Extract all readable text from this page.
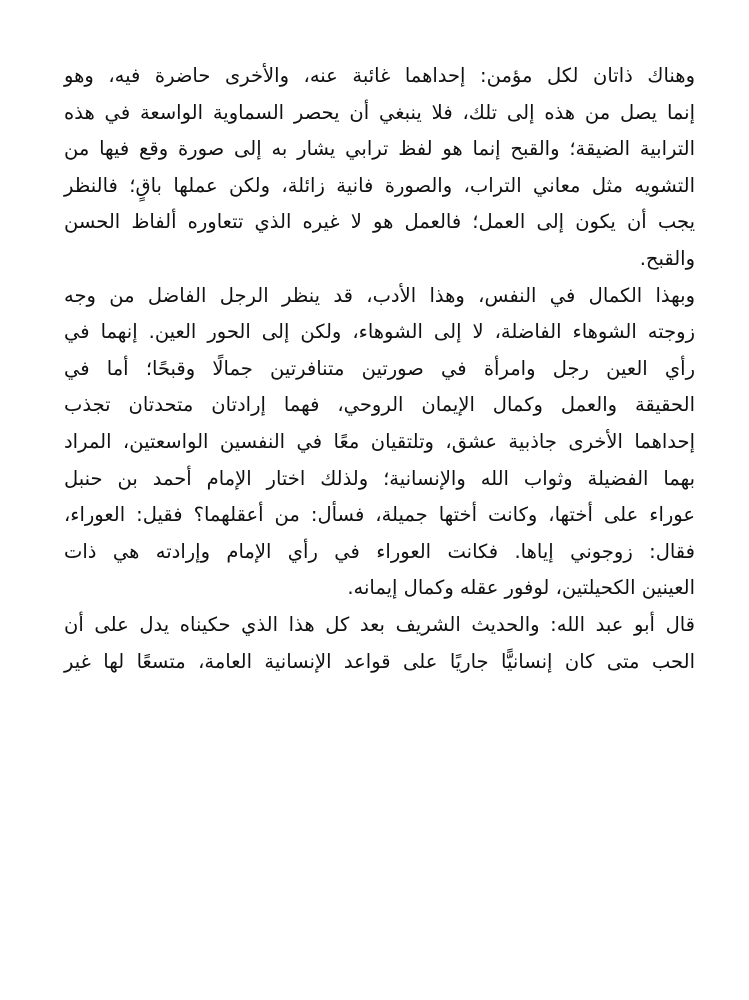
وهناك ذاتان لكل مؤمن: إحداهما غائبة عنه، والأخرى حاضرة فيه، وهو
إنما يصل من هذه إلى تلك، فلا ينبغي أن يحصر السماوية الواسعة في هذه
الترابية الضيقة؛ والقبح إنما هو لفظ ترابي يشار به إلى صورة وقع فيها من
التشويه مثل معاني التراب، والصورة فانية زائلة، ولكن عملها باقٍ؛ فالنظر
يجب أن يكون إلى العمل؛ فالعمل هو لا غيره الذي تتعاوره ألفاظ الحسن
والقبح.
وبهذا الكمال في النفس، وهذا الأدب، قد ينظر الرجل الفاضل من وجه
زوجته الشوهاء الفاضلة، لا إلى الشوهاء، ولكن إلى الحور العين. إنهما في
رأي العين رجل وامرأة في صورتين متنافرتين جمالًا وقبحًا؛ أما في
الحقيقة والعمل وكمال الإيمان الروحي، فهما إرادتان متحدتان تجذب
إحداهما الأخرى جاذبية عشق، وتلتقيان معًا في النفسين الواسعتين، المراد
بهما الفضيلة وثواب الله والإنسانية؛ ولذلك اختار الإمام أحمد بن حنبل
عوراء على أختها، وكانت أختها جميلة، فسأل: من أعقلهما؟ فقيل: العوراء،
فقال: زوجوني إياها. فكانت العوراء في رأي الإمام وإرادته هي ذات
العينين الكحيلتين، لوفور عقله وكمال إيمانه.
قال أبو عبد الله: والحديث الشريف بعد كل هذا الذي حكيناه يدل على أن
الحب متى كان إنسانيًّا جاريًا على قواعد الإنسانية العامة، متسعًا لها غير
